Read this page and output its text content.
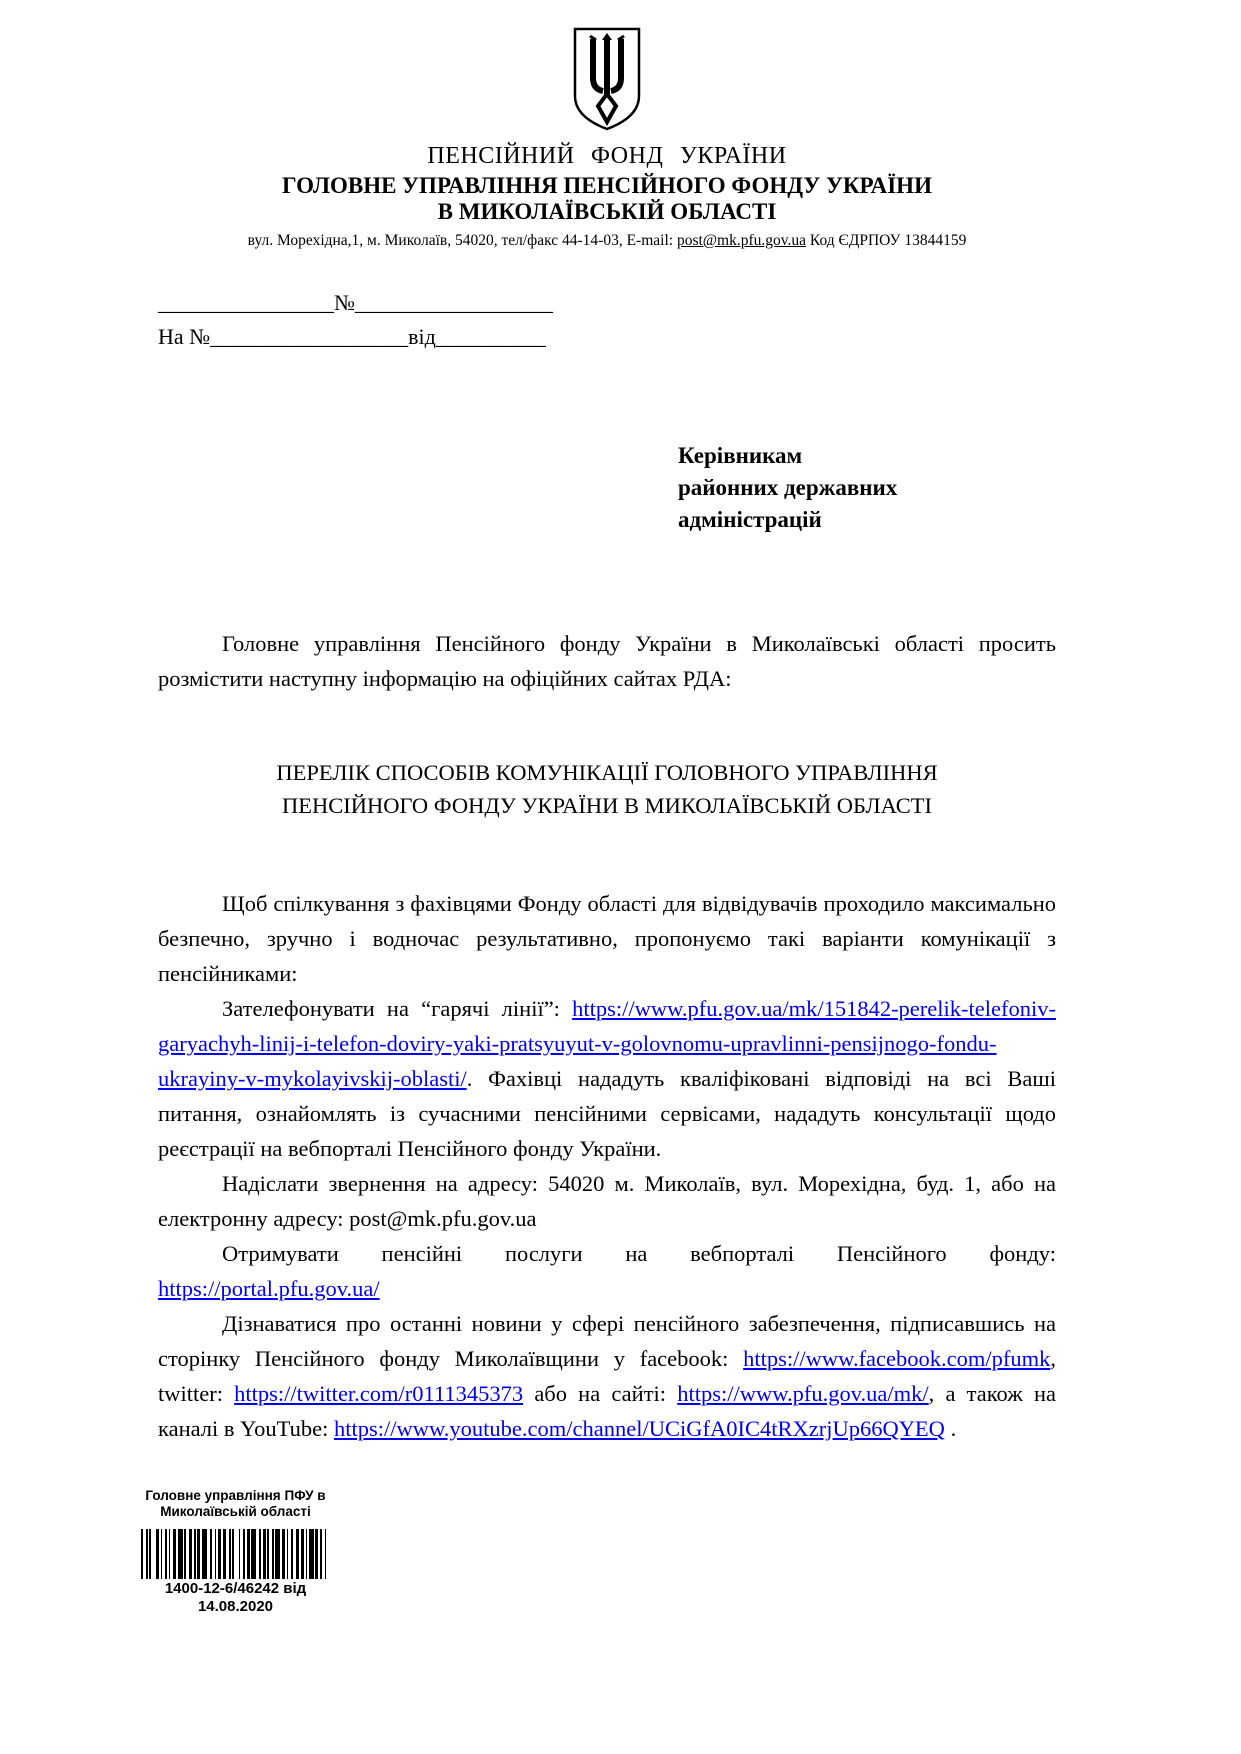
ПЕНСІЙНИЙ ФОНД УКРАЇНИ
ГОЛОВНЕ УПРАВЛІННЯ ПЕНСІЙНОГО ФОНДУ УКРАЇНИ
В МИКОЛАЇВСЬКІЙ ОБЛАСТІ
вул. Морехідна,1, м. Миколаїв, 54020, тел/факс 44-14-03, E-mail: post@mk.pfu.gov.ua Код ЄДРПОУ 13844159
________________№__________________
На №__________________від__________
Керівникам
районних державних
адміністрацій

Головне управління Пенсійного фонду України в Миколаївські області просить розмістити наступну інформацію на офіційних сайтах РДА:

ПЕРЕЛІК СПОСОБІВ КОМУНІКАЦІЇ ГОЛОВНОГО УПРАВЛІННЯ
ПЕНСІЙНОГО ФОНДУ УКРАЇНИ В МИКОЛАЇВСЬКІЙ ОБЛАСТІ

Щоб спілкування з фахівцями Фонду області для відвідувачів проходило максимально безпечно, зручно і водночас результативно, пропонуємо такі варіанти комунікації з пенсійниками:

Зателефонувати на “гарячі лінії”: https://www.pfu.gov.ua/mk/151842-perelik-telefoniv-garyachyh-linij-i-telefon-doviry-yaki-pratsyuyut-v-golovnomu-upravlinni-pensijnogo-fondu-ukrayiny-v-mykolayivskij-oblasti/. Фахівці нададуть кваліфіковані відповіді на всі Ваші питання, ознайомлять із сучасними пенсійними сервісами, нададуть консультації щодо реєстрації на вебпорталі Пенсійного фонду України.

Надіслати звернення на адресу: 54020 м. Миколаїв, вул. Морехідна, буд. 1, або на електронну адресу: post@mk.pfu.gov.ua

Отримувати пенсійні послуги на вебпорталі Пенсійного фонду: https://portal.pfu.gov.ua/

Дізнаватися про останні новини у сфері пенсійного забезпечення, підписавшись на сторінку Пенсійного фонду Миколаївщини у facebook: https://www.facebook.com/pfumk, twitter: https://twitter.com/r0111345373 або на сайті: https://www.pfu.gov.ua/mk/, а також на каналі в YouTube: https://www.youtube.com/channel/UCiGfA0IC4tRXzrjUp66QYEQ .

Головне управління ПФУ в
Миколаївській області
1400-12-6/46242 від
14.08.2020
